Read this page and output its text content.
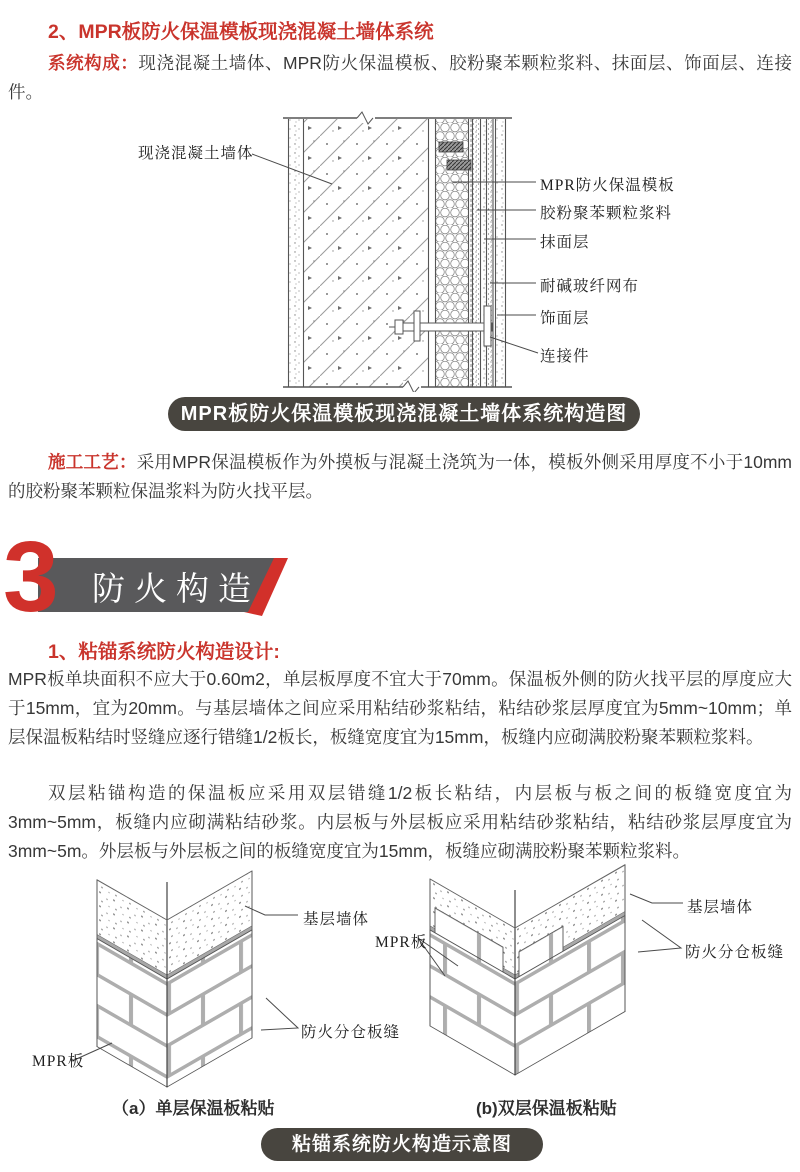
2、MPR板防火保温模板现浇混凝土墙体系统

系统构成：现浇混凝土墙体、MPR防火保温模板、胶粉聚苯颗粒浆料、抹面层、饰面层、连接件。

现浇混凝土墙体
MPR防火保温模板
胶粉聚苯颗粒浆料
抹面层
耐碱玻纤网布
饰面层
连接件
MPR板防火保温模板现浇混凝土墙体系统构造图

施工工艺：采用MPR保温模板作为外摸板与混凝土浇筑为一体，模板外侧采用厚度不小于10mm的胶粉聚苯颗粒保温浆料为防火找平层。

3 防火构造
1、粘锚系统防火构造设计:

MPR板单块面积不应大于0.60m2，单层板厚度不宜大于70mm。保温板外侧的防火找平层的厚度应大于15mm，宜为20mm。与基层墙体之间应采用粘结砂浆粘结，粘结砂浆层厚度宜为5mm~10mm；单层保温板粘结时竖缝应逐行错缝1/2板长，板缝宽度宜为15mm，板缝内应砌满胶粉聚苯颗粒浆料。

双层粘锚构造的保温板应采用双层错缝1/2板长粘结，内层板与板之间的板缝宽度宜为3mm~5mm，板缝内应砌满粘结砂浆。内层板与外层板应采用粘结砂浆粘结，粘结砂浆层厚度宜为3mm~5m。外层板与外层板之间的板缝宽度宜为15mm，板缝应砌满胶粉聚苯颗粒浆料。

MPR板
基层墙体
防火分仓板缝
MPR板
基层墙体
防火分仓板缝
（a）单层保温板粘贴	(b)双层保温板粘贴
粘锚系统防火构造示意图
